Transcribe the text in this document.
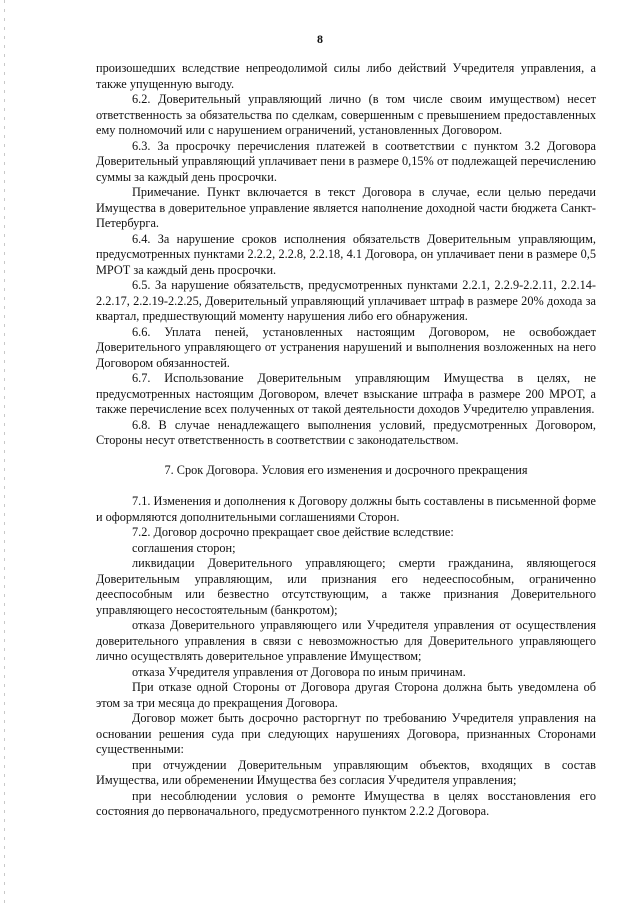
8

произошедших вследствие непреодолимой силы либо действий Учредителя управления, а также упущенную выгоду.

6.2. Доверительный управляющий лично (в том числе своим имуществом) несет ответственность за обязательства по сделкам, совершенным с превышением предоставленных ему полномочий или с нарушением ограничений, установленных Договором.

6.3. За просрочку перечисления платежей в соответствии с пунктом 3.2 Договора Доверительный управляющий уплачивает пени в размере 0,15% от подлежащей перечислению суммы за каждый день просрочки.

Примечание. Пункт включается в текст Договора в случае, если целью передачи Имущества в доверительное управление является наполнение доходной части бюджета Санкт-Петербурга.

6.4. За нарушение сроков исполнения обязательств Доверительным управляющим, предусмотренных пунктами 2.2.2, 2.2.8, 2.2.18, 4.1 Договора, он уплачивает пени в размере 0,5 МРОТ за каждый день просрочки.

6.5. За нарушение обязательств, предусмотренных пунктами 2.2.1, 2.2.9-2.2.11, 2.2.14-2.2.17, 2.2.19-2.2.25, Доверительный управляющий уплачивает штраф в размере 20% дохода за квартал, предшествующий моменту нарушения либо его обнаружения.

6.6. Уплата пеней, установленных настоящим Договором, не освобождает Доверительного управляющего от устранения нарушений и выполнения возложенных на него Договором обязанностей.

6.7. Использование Доверительным управляющим Имущества в целях, не предусмотренных настоящим Договором, влечет взыскание штрафа в размере 200 МРОТ, а также перечисление всех полученных от такой деятельности доходов Учредителю управления.

6.8. В случае ненадлежащего выполнения условий, предусмотренных Договором, Стороны несут ответственность в соответствии с законодательством.

7. Срок Договора. Условия его изменения и досрочного прекращения

7.1. Изменения и дополнения к Договору должны быть составлены в письменной форме и оформляются дополнительными соглашениями Сторон.

7.2. Договор досрочно прекращает свое действие вследствие:

соглашения сторон;

ликвидации Доверительного управляющего; смерти гражданина, являющегося Доверительным управляющим, или признания его недееспособным, ограниченно дееспособным или безвестно отсутствующим, а также признания Доверительного управляющего несостоятельным (банкротом);

отказа Доверительного управляющего или Учредителя управления от осуществления доверительного управления в связи с невозможностью для Доверительного управляющего лично осуществлять доверительное управление Имуществом;

отказа Учредителя управления от Договора по иным причинам.

При отказе одной Стороны от Договора другая Сторона должна быть уведомлена об этом за три месяца до прекращения Договора.

Договор может быть досрочно расторгнут по требованию Учредителя управления на основании решения суда при следующих нарушениях Договора, признанных Сторонами существенными:

при отчуждении Доверительным управляющим объектов, входящих в состав Имущества, или обременении Имущества без согласия Учредителя управления;

при несоблюдении условия о ремонте Имущества в целях восстановления его состояния до первоначального, предусмотренного пунктом 2.2.2 Договора.
